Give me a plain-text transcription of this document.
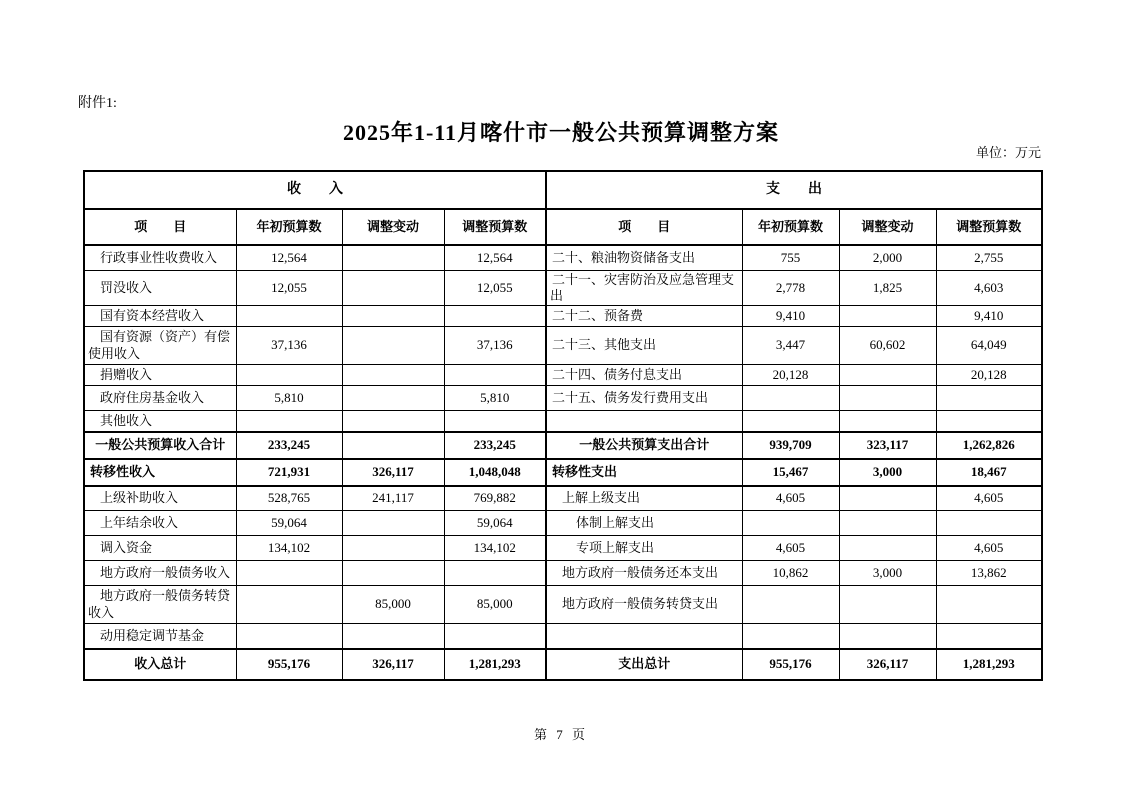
附件1:
2025年1-11月喀什市一般公共预算调整方案
单位：万元
收　　入				支　　出			
项　　目	年初预算数	调整变动	调整预算数	项　　目	年初预算数	调整变动	调整预算数
行政事业性收费收入	12,564		12,564	二十、粮油物资储备支出	755	2,000	2,755
罚没收入	12,055		12,055	二十一、灾害防治及应急管理支出	2,778	1,825	4,603
国有资本经营收入				二十二、预备费	9,410		9,410
国有资源（资产）有偿使用收入	37,136		37,136	二十三、其他支出	3,447	60,602	64,049
捐赠收入				二十四、债务付息支出	20,128		20,128
政府住房基金收入	5,810		5,810	二十五、债务发行费用支出			
其他收入							
一般公共预算收入合计	233,245		233,245	一般公共预算支出合计	939,709	323,117	1,262,826
转移性收入	721,931	326,117	1,048,048	转移性支出	15,467	3,000	18,467
上级补助收入	528,765	241,117	769,882	上解上级支出	4,605		4,605
上年结余收入	59,064		59,064	体制上解支出			
调入资金	134,102		134,102	专项上解支出	4,605		4,605
地方政府一般债务收入				地方政府一般债务还本支出	10,862	3,000	13,862
地方政府一般债务转贷收入		85,000	85,000	地方政府一般债务转贷支出			
动用稳定调节基金							
收入总计	955,176	326,117	1,281,293	支出总计	955,176	326,117	1,281,293
第 7 页
